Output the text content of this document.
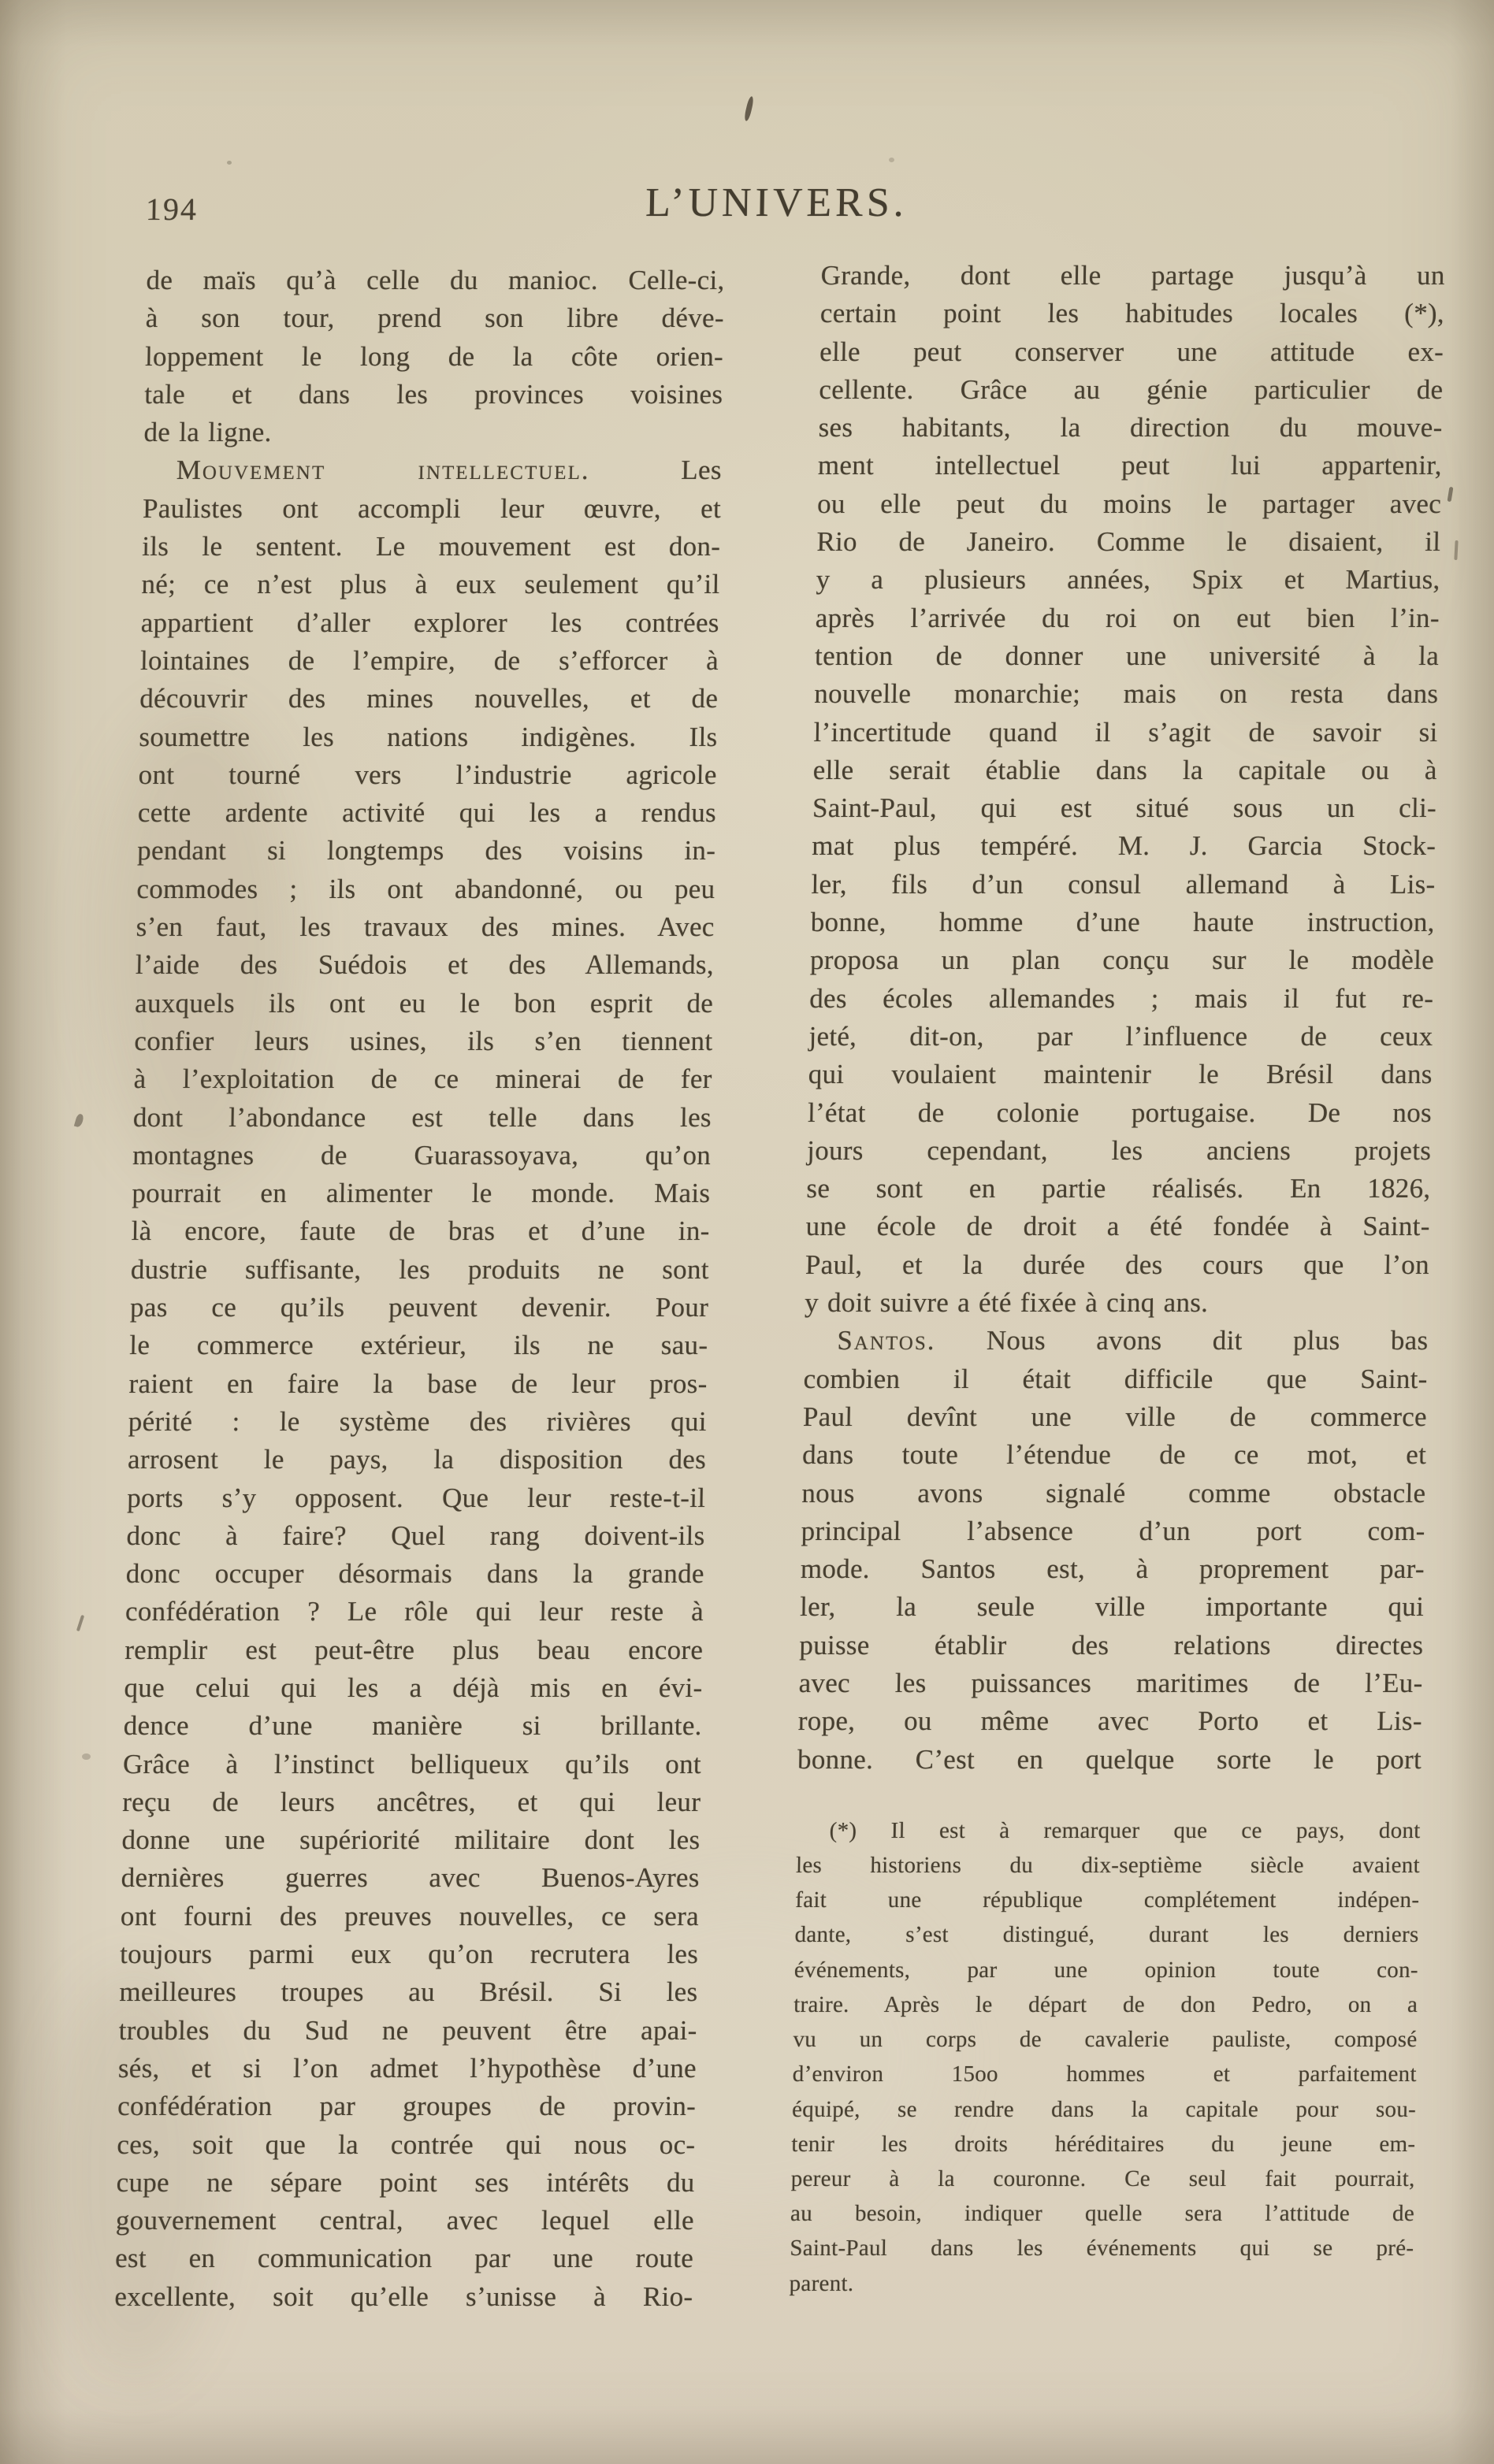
194	L’UNIVERS.
de maïs qu’à celle du manioc. Celle-ci,
à son tour, prend son libre déve-
loppement le long de la côte orien-
tale et dans les provinces voisines
de la ligne.
Mouvement intellectuel. Les
Paulistes ont accompli leur œuvre, et
ils le sentent. Le mouvement est don-
né; ce n’est plus à eux seulement qu’il
appartient d’aller explorer les contrées
lointaines de l’empire, de s’efforcer à
découvrir des mines nouvelles, et de
soumettre les nations indigènes. Ils
ont tourné vers l’industrie agricole
cette ardente activité qui les a rendus
pendant si longtemps des voisins in-
commodes ; ils ont abandonné, ou peu
s’en faut, les travaux des mines. Avec
l’aide des Suédois et des Allemands,
auxquels ils ont eu le bon esprit de
confier leurs usines, ils s’en tiennent
à l’exploitation de ce minerai de fer
dont l’abondance est telle dans les
montagnes de Guarassoyava, qu’on
pourrait en alimenter le monde. Mais
là encore, faute de bras et d’une in-
dustrie suffisante, les produits ne sont
pas ce qu’ils peuvent devenir. Pour
le commerce extérieur, ils ne sau-
raient en faire la base de leur pros-
périté : le système des rivières qui
arrosent le pays, la disposition des
ports s’y opposent. Que leur reste-t-il
donc à faire? Quel rang doivent-ils
donc occuper désormais dans la grande
confédération ? Le rôle qui leur reste à
remplir est peut-être plus beau encore
que celui qui les a déjà mis en évi-
dence d’une manière si brillante.
Grâce à l’instinct belliqueux qu’ils ont
reçu de leurs ancêtres, et qui leur
donne une supériorité militaire dont les
dernières guerres avec Buenos-Ayres
ont fourni des preuves nouvelles, ce sera
toujours parmi eux qu’on recrutera les
meilleures troupes au Brésil. Si les
troubles du Sud ne peuvent être apai-
sés, et si l’on admet l’hypothèse d’une
confédération par groupes de provin-
ces, soit que la contrée qui nous oc-
cupe ne sépare point ses intérêts du
gouvernement central, avec lequel elle
est en communication par une route
excellente, soit qu’elle s’unisse à Rio-
Grande, dont elle partage jusqu’à un
certain point les habitudes locales (*),
elle peut conserver une attitude ex-
cellente. Grâce au génie particulier de
ses habitants, la direction du mouve-
ment intellectuel peut lui appartenir,
ou elle peut du moins le partager avec
Rio de Janeiro. Comme le disaient, il
y a plusieurs années, Spix et Martius,
après l’arrivée du roi on eut bien l’in-
tention de donner une université à la
nouvelle monarchie; mais on resta dans
l’incertitude quand il s’agit de savoir si
elle serait établie dans la capitale ou à
Saint-Paul, qui est situé sous un cli-
mat plus tempéré. M. J. Garcia Stock-
ler, fils d’un consul allemand à Lis-
bonne, homme d’une haute instruction,
proposa un plan conçu sur le modèle
des écoles allemandes ; mais il fut re-
jeté, dit-on, par l’influence de ceux
qui voulaient maintenir le Brésil dans
l’état de colonie portugaise. De nos
jours cependant, les anciens projets
se sont en partie réalisés. En 1826,
une école de droit a été fondée à Saint-
Paul, et la durée des cours que l’on
y doit suivre a été fixée à cinq ans.
Santos. Nous avons dit plus bas
combien il était difficile que Saint-
Paul devînt une ville de commerce
dans toute l’étendue de ce mot, et
nous avons signalé comme obstacle
principal l’absence d’un port com-
mode. Santos est, à proprement par-
ler, la seule ville importante qui
puisse établir des relations directes
avec les puissances maritimes de l’Eu-
rope, ou même avec Porto et Lis-
bonne. C’est en quelque sorte le port
(*) Il est à remarquer que ce pays, dont
les historiens du dix-septième siècle avaient
fait une république complétement indépen-
dante, s’est distingué, durant les derniers
événements, par une opinion toute con-
traire. Après le départ de don Pedro, on a
vu un corps de cavalerie pauliste, composé
d’environ 15oo hommes et parfaitement
équipé, se rendre dans la capitale pour sou-
tenir les droits héréditaires du jeune em-
pereur à la couronne. Ce seul fait pourrait,
au besoin, indiquer quelle sera l’attitude de
Saint-Paul dans les événements qui se pré-
parent.
